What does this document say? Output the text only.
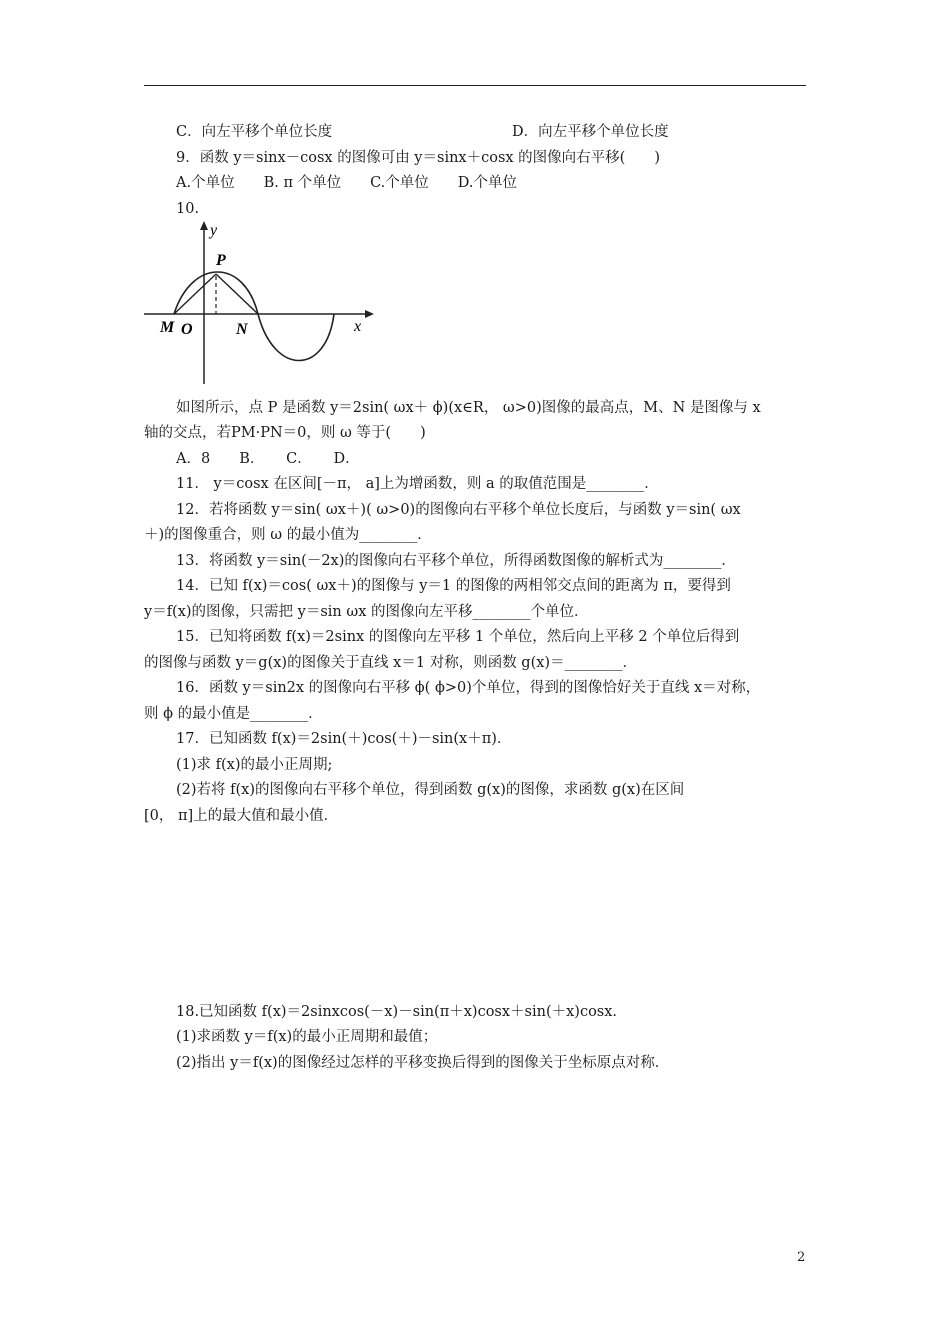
C．向左平移个单位长度	D．向左平移个单位长度
9．函数 y＝sinx－cosx 的图像可由 y＝sinx＋cosx 的图像向右平移(　　)
A.个单位　　B. π 个单位　　C.个单位　　D.个单位
10.
y
x
P
M O	N
如图所示，点 P 是函数 y＝2sin( ωx＋ ϕ)(x∈R， ω>0)图像的最高点，M、N 是图像与 x
轴的交点，若PM·PN＝0，则 ω 等于(　　)
A．8　　B．　　C．　　D．
11． y＝cosx 在区间[－π， a]上为增函数，则 a 的取值范围是________．
12．若将函数 y＝sin( ωx＋)( ω>0)的图像向右平移个单位长度后，与函数 y＝sin( ωx
＋)的图像重合，则 ω 的最小值为________．
13．将函数 y＝sin(－2x)的图像向右平移个单位，所得函数图像的解析式为________．
14．已知 f(x)＝cos( ωx＋)的图像与 y＝1 的图像的两相邻交点间的距离为 π，要得到
y＝f(x)的图像，只需把 y＝sin ωx 的图像向左平移________个单位．
15．已知将函数 f(x)＝2sinx 的图像向左平移 1 个单位，然后向上平移 2 个单位后得到
的图像与函数 y＝g(x)的图像关于直线 x＝1 对称，则函数 g(x)＝________．
16．函数 y＝sin2x 的图像向右平移 ϕ( ϕ>0)个单位，得到的图像恰好关于直线 x＝对称，
则 ϕ 的最小值是________．
17．已知函数 f(x)＝2sin(＋)cos(＋)－sin(x＋π)．
(1)求 f(x)的最小正周期;
(2)若将 f(x)的图像向右平移个单位，得到函数 g(x)的图像，求函数 g(x)在区间
[0， π]上的最大值和最小值．
18.已知函数 f(x)＝2sinxcos(－x)－sin(π＋x)cosx＋sin(＋x)cosx.
(1)求函数 y＝f(x)的最小正周期和最值；
(2)指出 y＝f(x)的图像经过怎样的平移变换后得到的图像关于坐标原点对称．
2
